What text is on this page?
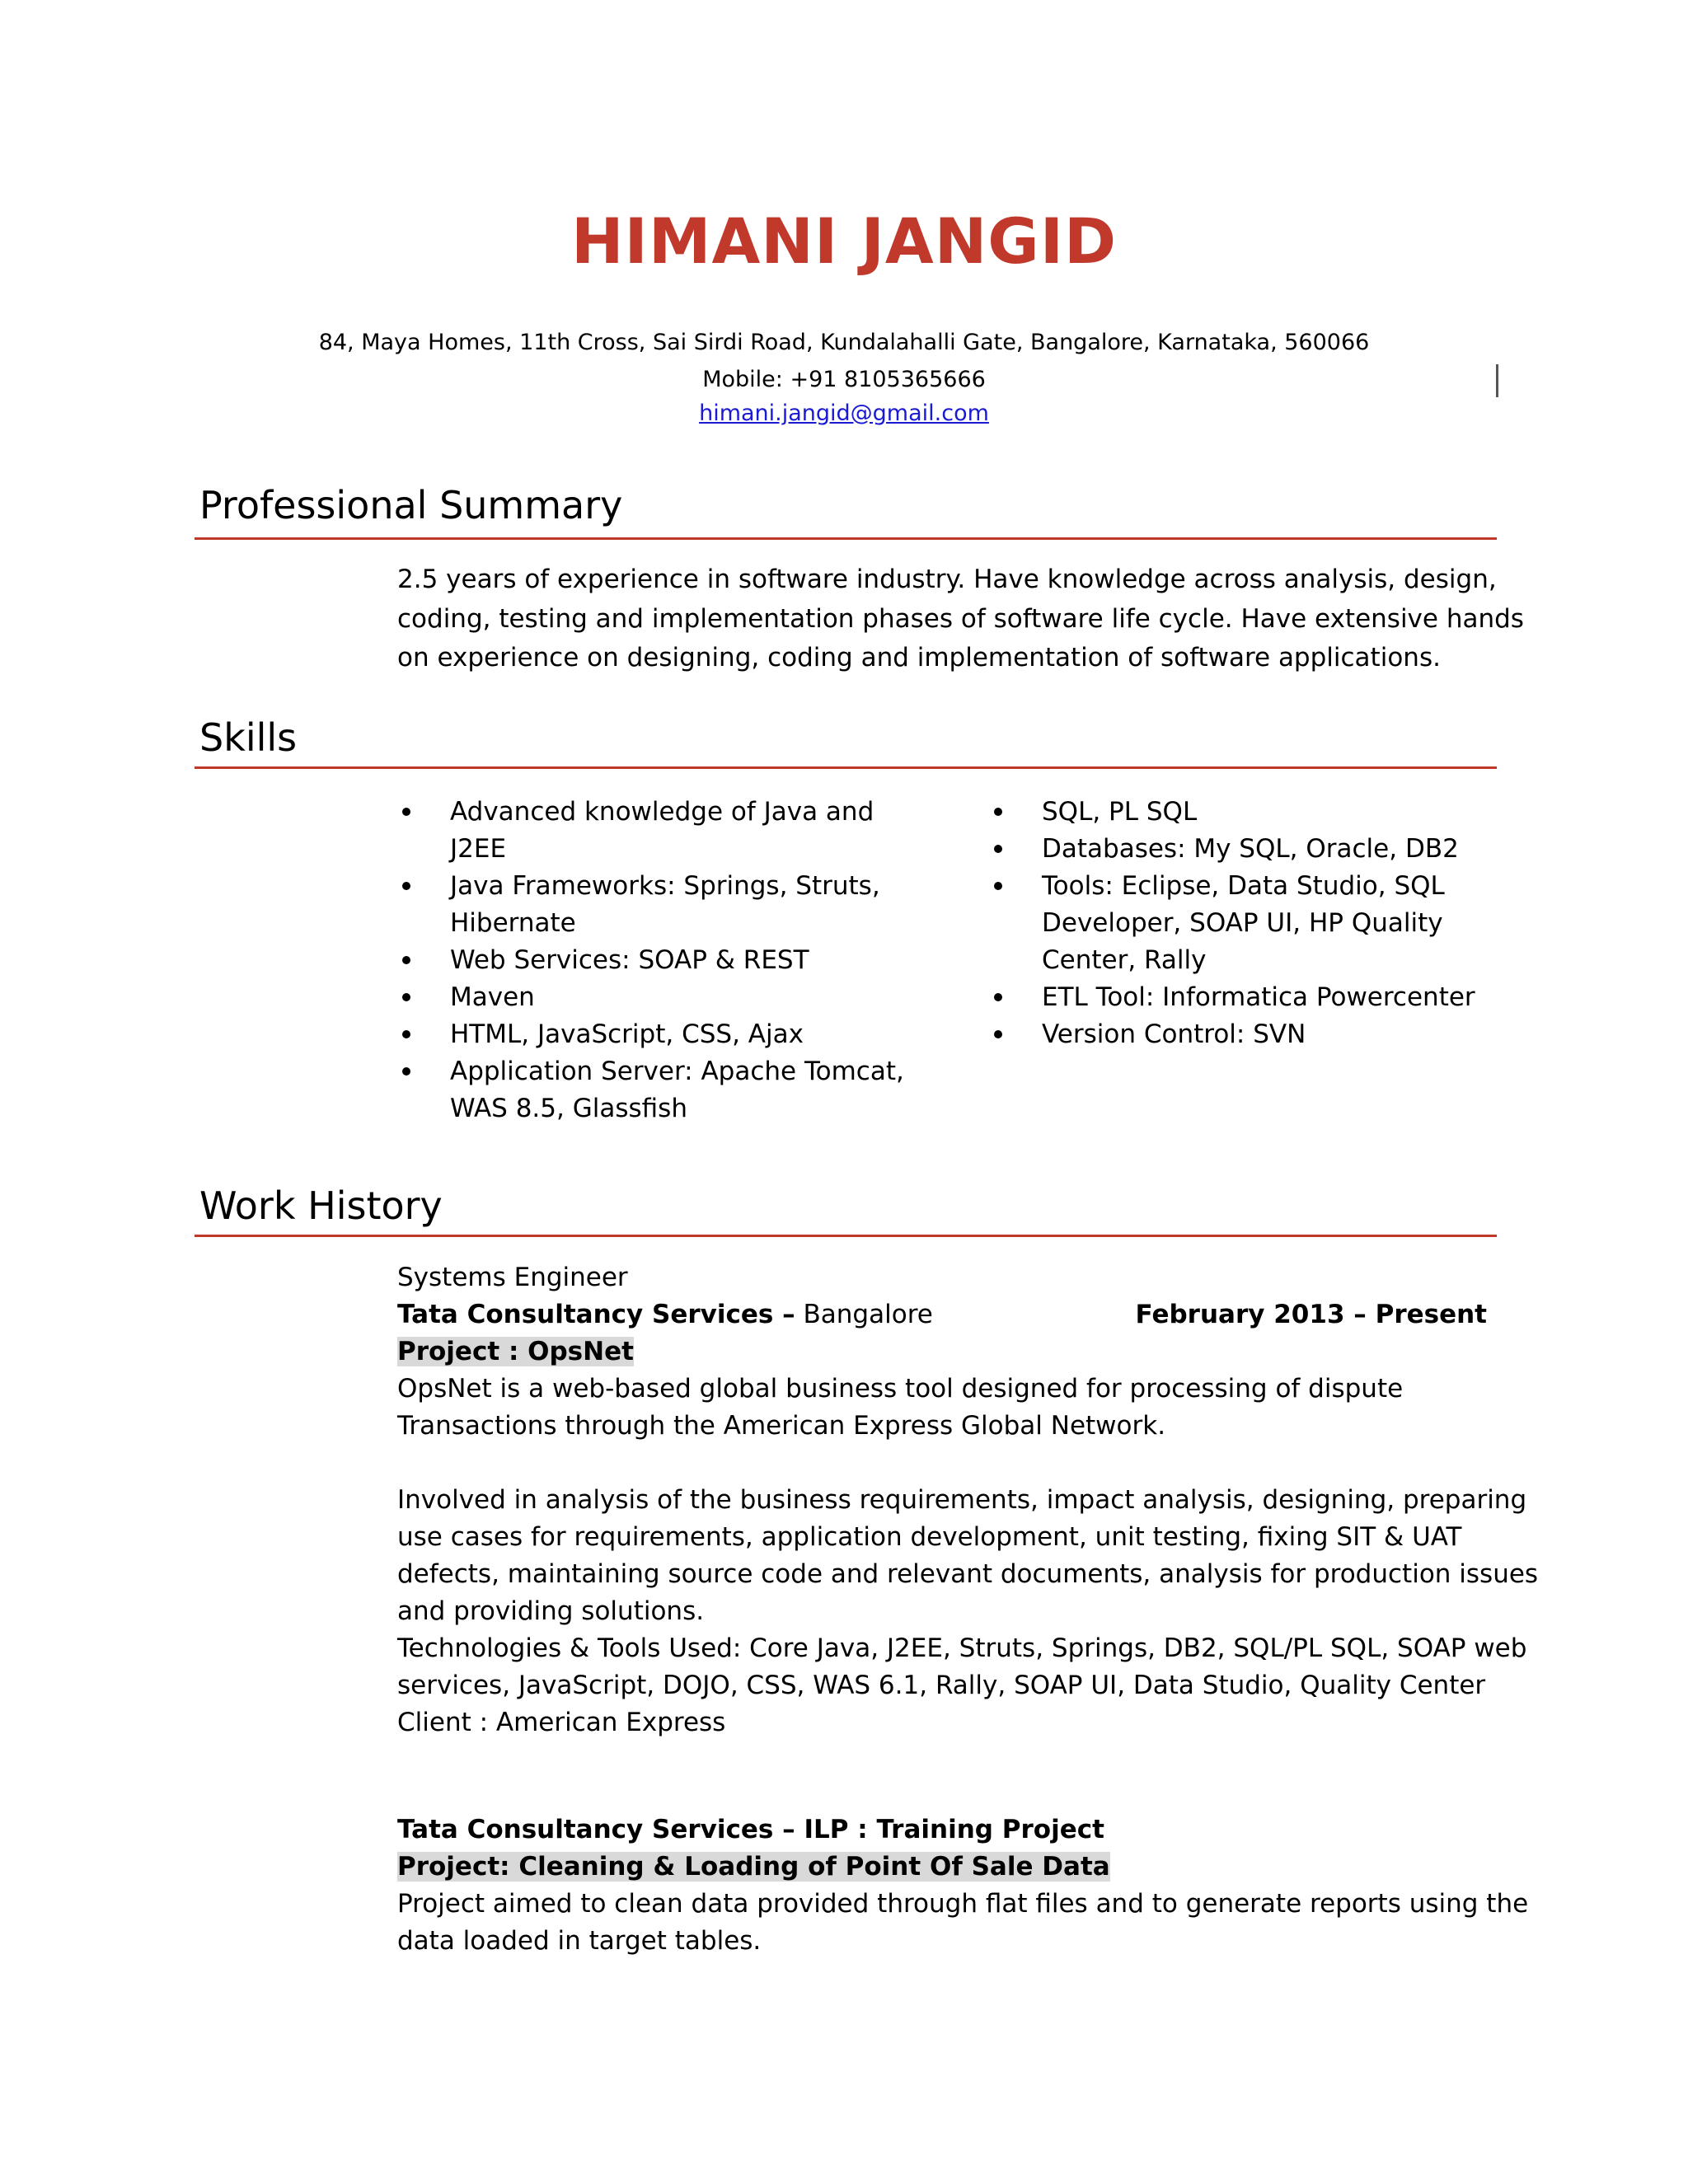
HIMANI JANGID
84, Maya Homes, 11th Cross, Sai Sirdi Road, Kundalahalli Gate, Bangalore, Karnataka, 560066
Mobile: +91 8105365666
himani.jangid@gmail.com
Professional Summary
2.5 years of experience in software industry. Have knowledge across analysis, design,
coding, testing and implementation phases of software life cycle. Have extensive hands
on experience on designing, coding and implementation of software applications.
Skills
Advanced knowledge of Java and J2EE
Java Frameworks: Springs, Struts, Hibernate
Web Services: SOAP & REST
Maven
HTML, JavaScript, CSS, Ajax
Application Server: Apache Tomcat, WAS 8.5, Glassfish
SQL, PL SQL
Databases: My SQL, Oracle, DB2
Tools: Eclipse, Data Studio, SQL Developer, SOAP UI, HP Quality Center, Rally
ETL Tool: Informatica Powercenter
Version Control: SVN
Work History
Systems Engineer
Tata Consultancy Services – Bangalore	February 2013 – Present
Project : OpsNet
OpsNet is a web-based global business tool designed for processing of dispute
Transactions through the American Express Global Network.
Involved in analysis of the business requirements, impact analysis, designing, preparing
use cases for requirements, application development, unit testing, fixing SIT & UAT
defects, maintaining source code and relevant documents, analysis for production issues
and providing solutions.
Technologies & Tools Used: Core Java, J2EE, Struts, Springs, DB2, SQL/PL SQL, SOAP web
services, JavaScript, DOJO, CSS, WAS 6.1, Rally, SOAP UI, Data Studio, Quality Center
Client : American Express
Tata Consultancy Services – ILP : Training Project
Project: Cleaning & Loading of Point Of Sale Data
Project aimed to clean data provided through flat files and to generate reports using the
data loaded in target tables.
